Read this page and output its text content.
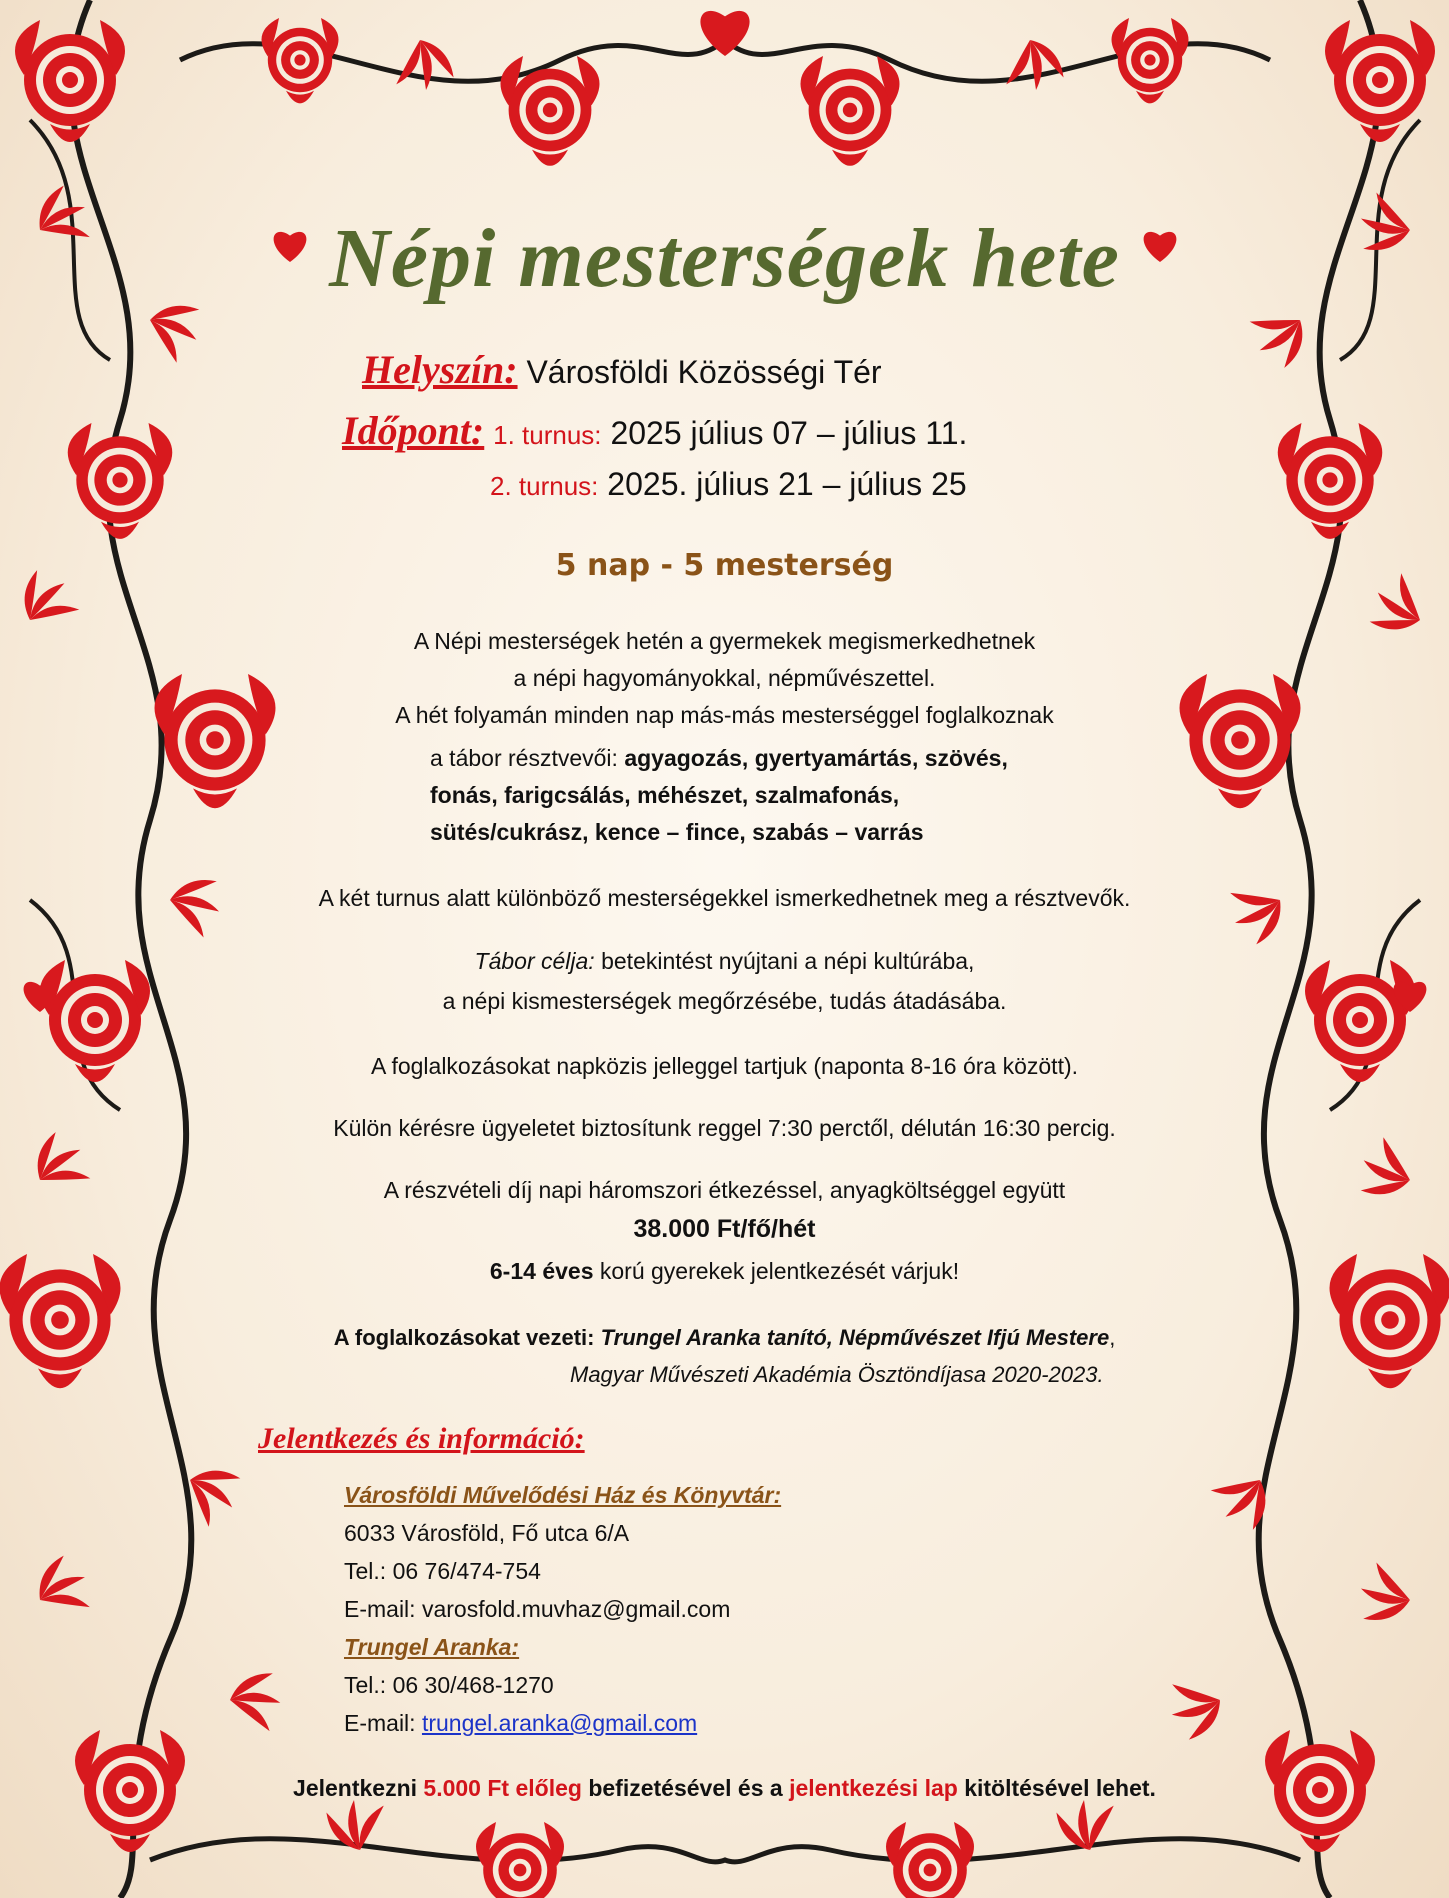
Népi mesterségek hete
Helyszín: Városföldi Közösségi Tér
Időpont: 1. turnus: 2025 július 07 – július 11.
2. turnus: 2025. július 21 – július 25
5 nap - 5 mesterség
A Népi mesterségek hetén a gyermekek megismerkedhetnek
a népi hagyományokkal, népművészettel.
A hét folyamán minden nap más-más mesterséggel foglalkoznak
a tábor résztvevői: agyagozás, gyertyamártás, szövés,
fonás, farigcsálás, méhészet, szalmafonás,
sütés/cukrász, kence – fince, szabás – varrás
A két turnus alatt különböző mesterségekkel ismerkedhetnek meg a résztvevők.
Tábor célja: betekintést nyújtani a népi kultúrába,
a népi kismesterségek megőrzésébe, tudás átadásába.
A foglalkozásokat napközis jelleggel tartjuk (naponta 8-16 óra között).
Külön kérésre ügyeletet biztosítunk reggel 7:30 perctől, délután 16:30 percig.
A részvételi díj napi háromszori étkezéssel, anyagköltséggel együtt
38.000 Ft/fő/hét
6-14 éves korú gyerekek jelentkezését várjuk!
A foglalkozásokat vezeti: Trungel Aranka tanító, Népművészet Ifjú Mestere,
Magyar Művészeti Akadémia Ösztöndíjasa 2020-2023.
Jelentkezés és információ:
Városföldi Művelődési Ház és Könyvtár:
6033 Városföld, Fő utca 6/A
Tel.: 06 76/474-754
E-mail: varosfold.muvhaz@gmail.com
Trungel Aranka:
Tel.: 06 30/468-1270
E-mail: trungel.aranka@gmail.com
Jelentkezni 5.000 Ft előleg befizetésével és a jelentkezési lap kitöltésével lehet.
